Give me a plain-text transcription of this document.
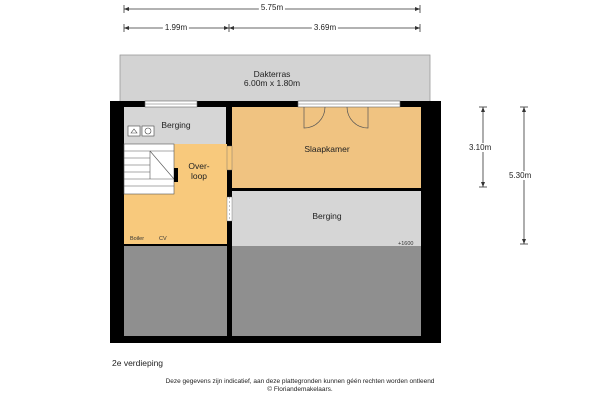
5.75m
1.99m	3.69m
3.10m
5.30m
Dakterras
6.00m x 1.80m
Berging
Over-
loop
Slaapkamer
Berging
Boiler	CV
+1600
2e verdieping
Deze gegevens zijn indicatief, aan deze plattegronden kunnen géén rechten worden ontleend
© Floriandemakelaars.
